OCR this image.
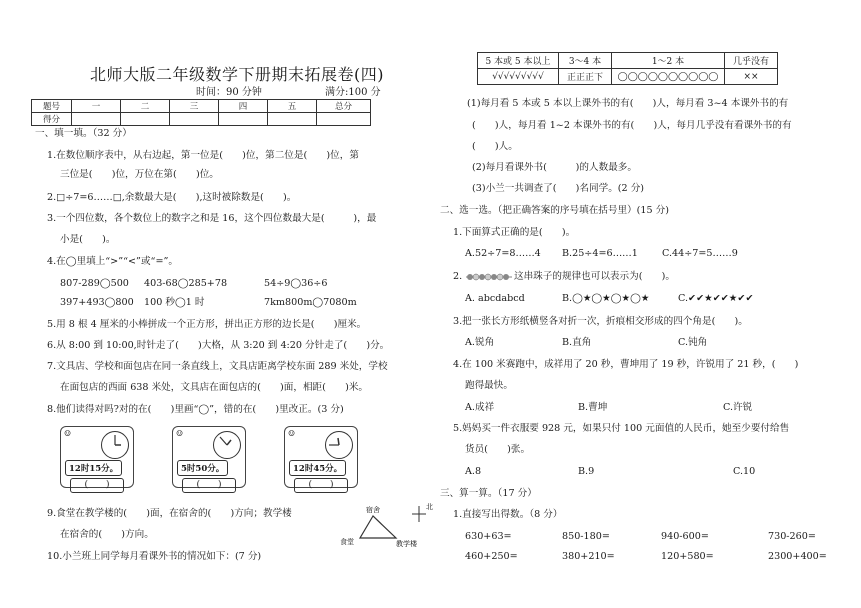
北师大版二年级数学下册期末拓展卷(四)
时间：90 分钟	满分:100 分
题号	一	二	三	四	五	总分
得分						
一、填一填。（32 分）
1.在数位顺序表中，从右边起，第一位是(　　)位，第二位是(　　)位，第
三位是(　　)位，万位在第(　　)位。
2.□÷7=6……□,余数最大是(　　),这时被除数是(　　)。
3.一个四位数，各个数位上的数字之和是 16，这个四位数最大是(　　　)，最
小是(　　)。
4.在◯里填上“>”“<”或“=”。
807-289◯500 403-68◯285+78	54÷9◯36÷6
397+493◯800 100 秒◯1 时	7km800m◯7080m
5.用 8 根 4 厘米的小棒拼成一个正方形，拼出正方形的边长是(　　)厘米。
6.从 8:00 到 10:00,时针走了(　　)大格，从 3:20 到 4:20 分针走了(　　)分。
7.文具店、学校和面包店在同一条直线上，文具店距离学校东面 289 米处，学校
在面包店的西面 638 米处，文具店在面包店的(　　)面，相距(　　)米。
8.他们读得对吗?对的在(　　)里画“◯”，错的在(　　)里改正。(3 分)
☺
12时15分。
(　　)
☺
5时50分。
(　　)
☺
12时45分。
(　　)
9.食堂在教学楼的(　　)面，在宿舍的(　　)方向；教学楼
在宿舍的(　　)方向。
10.小兰班上同学每月看课外书的情况如下：(7 分)
北
宿舍
食堂	教学楼
5 本或 5 本以上	3～4 本	1～2 本	几乎没有
√√√√√√√√√	正正正下	◯◯◯◯◯◯◯◯◯◯	××
(1)每月看 5 本或 5 本以上课外书的有(　　)人，每月看 3~4 本课外书的有
(　　)人，每月看 1~2 本课外书的有(　　)人，每月几乎没有看课外书的有
(　　)人。
(2)每月看课外书(　　　)的人数最多。
(3)小兰一共调查了(　　)名同学。(2 分)
二、选一选。（把正确答案的序号填在括号里）(15 分)
1.下面算式正确的是(　　)。
A.52÷7=8……4 B.25÷4=6……1	C.44÷7=5……9
2.	这串珠子的规律也可以表示为(　　)。
A. abcdabcd	B.◯★◯★◯★◯★	C.✔✔★✔✔★✔✔
3.把一张长方形纸横竖各对折一次，折痕相交形成的四个角是(　　)。
A.锐角	B.直角	C.钝角
4.在 100 米赛跑中，成祥用了 20 秒，曹坤用了 19 秒，许锐用了 21 秒，(　　)
跑得最快。
A.成祥	B.曹坤	C.许锐
5.妈妈买一件衣服要 928 元，如果只付 100 元面值的人民币，她至少要付给售
货员(　　)张。
A.8	B.9	C.10
三、算一算。（17 分）
1.直接写出得数。（8 分）
630+63=	850-180=	940-600=	730-260=
460+250=	380+210=	120+580=	2300+400=
